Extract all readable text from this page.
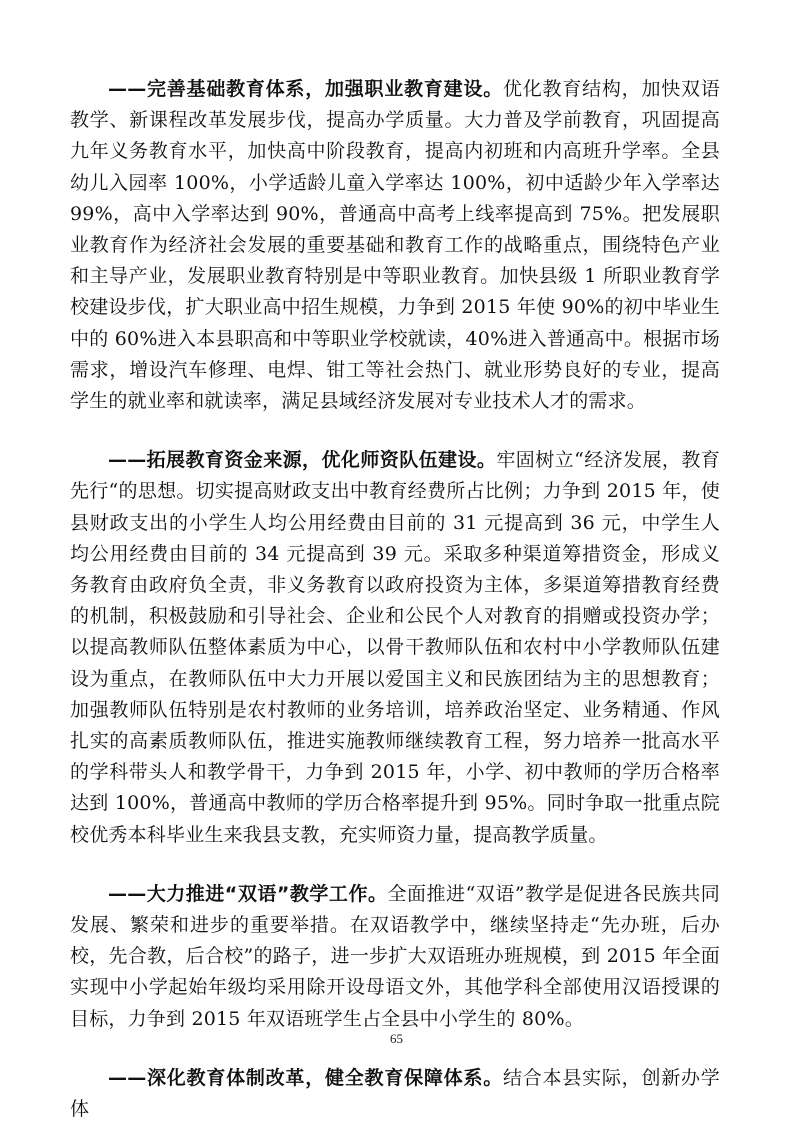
——完善基础教育体系，加强职业教育建设。优化教育结构，加快双语教学、新课程改革发展步伐，提高办学质量。大力普及学前教育，巩固提高九年义务教育水平，加快高中阶段教育，提高内初班和内高班升学率。全县幼儿入园率 100%，小学适龄儿童入学率达 100%，初中适龄少年入学率达 99%，高中入学率达到 90%，普通高中高考上线率提高到 75%。把发展职业教育作为经济社会发展的重要基础和教育工作的战略重点，围绕特色产业和主导产业，发展职业教育特别是中等职业教育。加快县级 1 所职业教育学校建设步伐，扩大职业高中招生规模，力争到 2015 年使 90%的初中毕业生中的 60%进入本县职高和中等职业学校就读，40%进入普通高中。根据市场需求，增设汽车修理、电焊、钳工等社会热门、就业形势良好的专业，提高学生的就业率和就读率，满足县域经济发展对专业技术人才的需求。

——拓展教育资金来源，优化师资队伍建设。牢固树立“经济发展，教育先行“的思想。切实提高财政支出中教育经费所占比例；力争到 2015 年，使县财政支出的小学生人均公用经费由目前的 31 元提高到 36 元，中学生人均公用经费由目前的 34 元提高到 39 元。采取多种渠道筹措资金，形成义务教育由政府负全责，非义务教育以政府投资为主体，多渠道筹措教育经费的机制，积极鼓励和引导社会、企业和公民个人对教育的捐赠或投资办学；以提高教师队伍整体素质为中心，以骨干教师队伍和农村中小学教师队伍建设为重点，在教师队伍中大力开展以爱国主义和民族团结为主的思想教育；加强教师队伍特别是农村教师的业务培训，培养政治坚定、业务精通、作风扎实的高素质教师队伍，推进实施教师继续教育工程，努力培养一批高水平的学科带头人和教学骨干，力争到 2015 年，小学、初中教师的学历合格率达到 100%，普通高中教师的学历合格率提升到 95%。同时争取一批重点院校优秀本科毕业生来我县支教，充实师资力量，提高教学质量。

——大力推进“双语”教学工作。全面推进“双语”教学是促进各民族共同发展、繁荣和进步的重要举措。在双语教学中，继续坚持走“先办班，后办校，先合教，后合校”的路子，进一步扩大双语班办班规模，到 2015 年全面实现中小学起始年级均采用除开设母语文外，其他学科全部使用汉语授课的目标，力争到 2015 年双语班学生占全县中小学生的 80%。

——深化教育体制改革，健全教育保障体系。结合本县实际，创新办学体

65
